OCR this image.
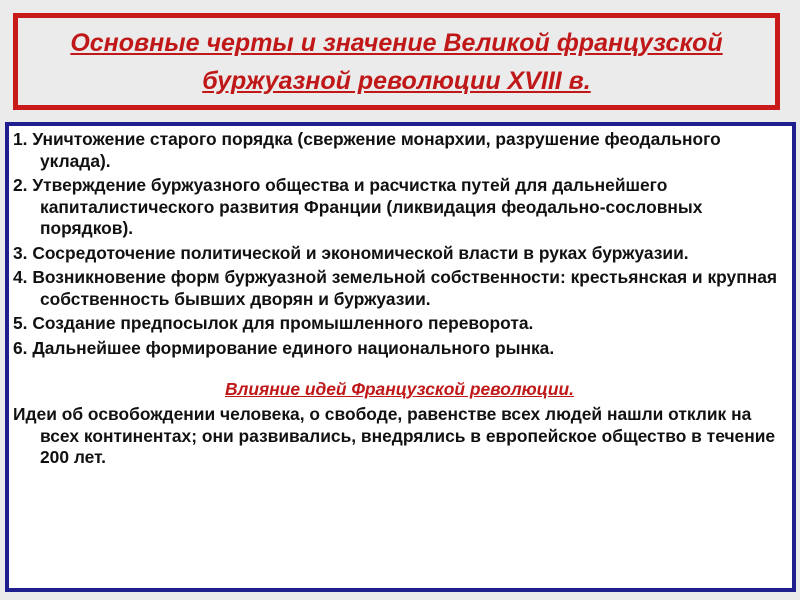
Основные черты и значение Великой французской буржуазной революции XVIII в.
1. Уничтожение старого порядка (свержение монархии, разрушение феодального уклада).
2. Утверждение буржуазного общества и расчистка путей для дальнейшего капиталистического развития Франции (ликвидация феодально-сословных порядков).
3. Сосредоточение политической и экономической власти в руках буржуазии.
4. Возникновение форм буржуазной земельной собственности: крестьянская и крупная собственность бывших дворян и буржуазии.
5. Создание предпосылок для промышленного переворота.
6. Дальнейшее формирование единого национального рынка.
Влияние идей Французской революции.
Идеи об освобождении человека, о свободе, равенстве всех людей нашли отклик на всех континентах; они развивались, внедрялись в европейское общество в течение 200 лет.
